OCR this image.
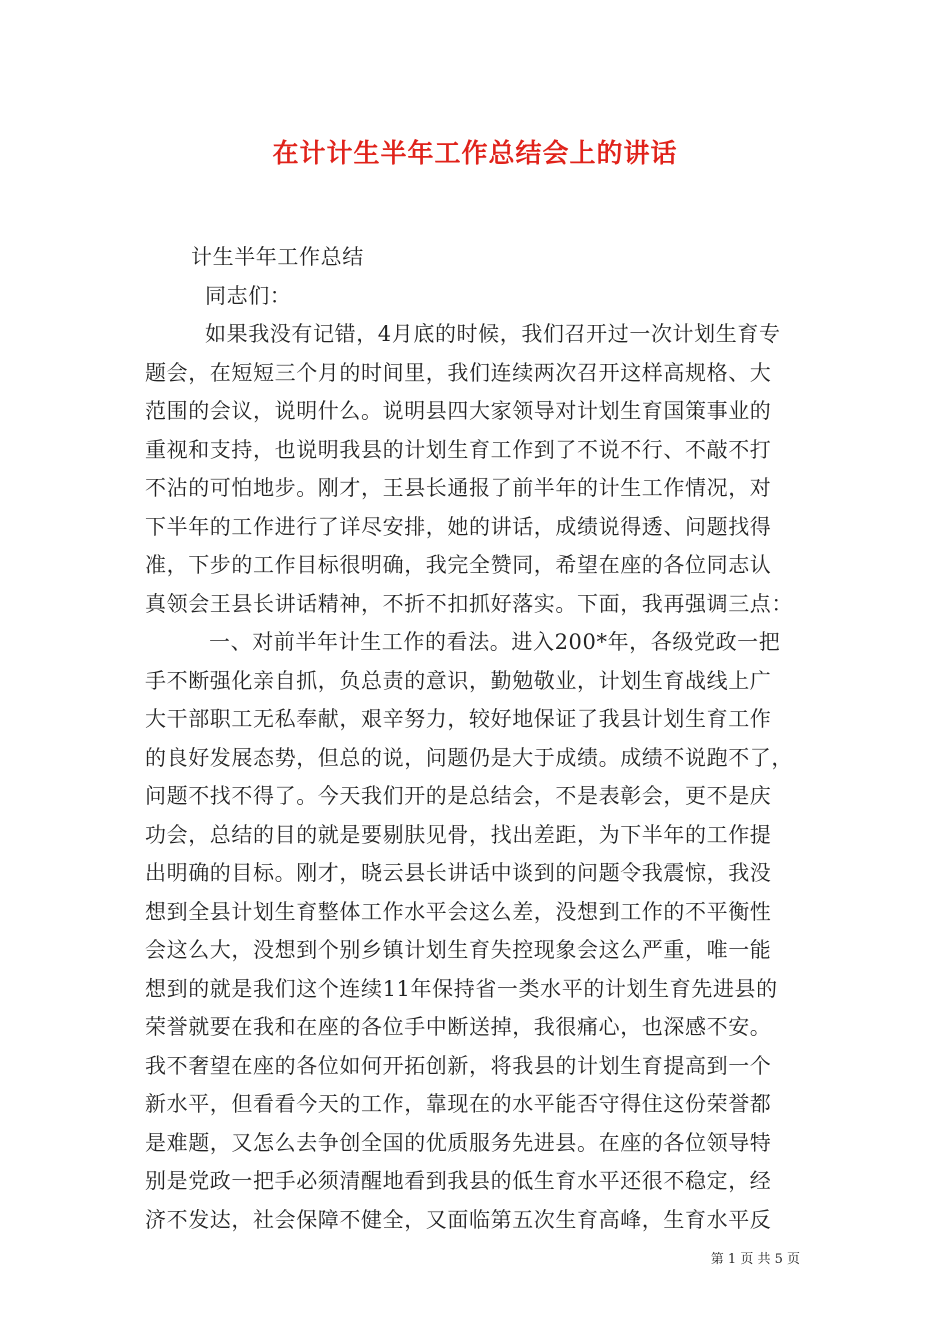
在计计生半年工作总结会上的讲话
计生半年工作总结
同志们：
如果我没有记错，4月底的时候，我们召开过一次计划生育专
题会，在短短三个月的时间里，我们连续两次召开这样高规格、大
范围的会议，说明什么。说明县四大家领导对计划生育国策事业的
重视和支持，也说明我县的计划生育工作到了不说不行、不敲不打
不沾的可怕地步。刚才，王县长通报了前半年的计生工作情况，对
下半年的工作进行了详尽安排，她的讲话，成绩说得透、问题找得
准，下步的工作目标很明确，我完全赞同，希望在座的各位同志认
真领会王县长讲话精神，不折不扣抓好落实。下面，我再强调三点：
一、对前半年计生工作的看法。进入200*年，各级党政一把
手不断强化亲自抓，负总责的意识，勤勉敬业，计划生育战线上广
大干部职工无私奉献，艰辛努力，较好地保证了我县计划生育工作
的良好发展态势，但总的说，问题仍是大于成绩。成绩不说跑不了，
问题不找不得了。今天我们开的是总结会，不是表彰会，更不是庆
功会，总结的目的就是要剔肤见骨，找出差距，为下半年的工作提
出明确的目标。刚才，晓云县长讲话中谈到的问题令我震惊，我没
想到全县计划生育整体工作水平会这么差，没想到工作的不平衡性
会这么大，没想到个别乡镇计划生育失控现象会这么严重，唯一能
想到的就是我们这个连续11年保持省一类水平的计划生育先进县的
荣誉就要在我和在座的各位手中断送掉，我很痛心，也深感不安。
我不奢望在座的各位如何开拓创新，将我县的计划生育提高到一个
新水平，但看看今天的工作，靠现在的水平能否守得住这份荣誉都
是难题，又怎么去争创全国的优质服务先进县。在座的各位领导特
别是党政一把手必须清醒地看到我县的低生育水平还很不稳定，经
济不发达，社会保障不健全，又面临第五次生育高峰，生育水平反
第 1 页 共 5 页
